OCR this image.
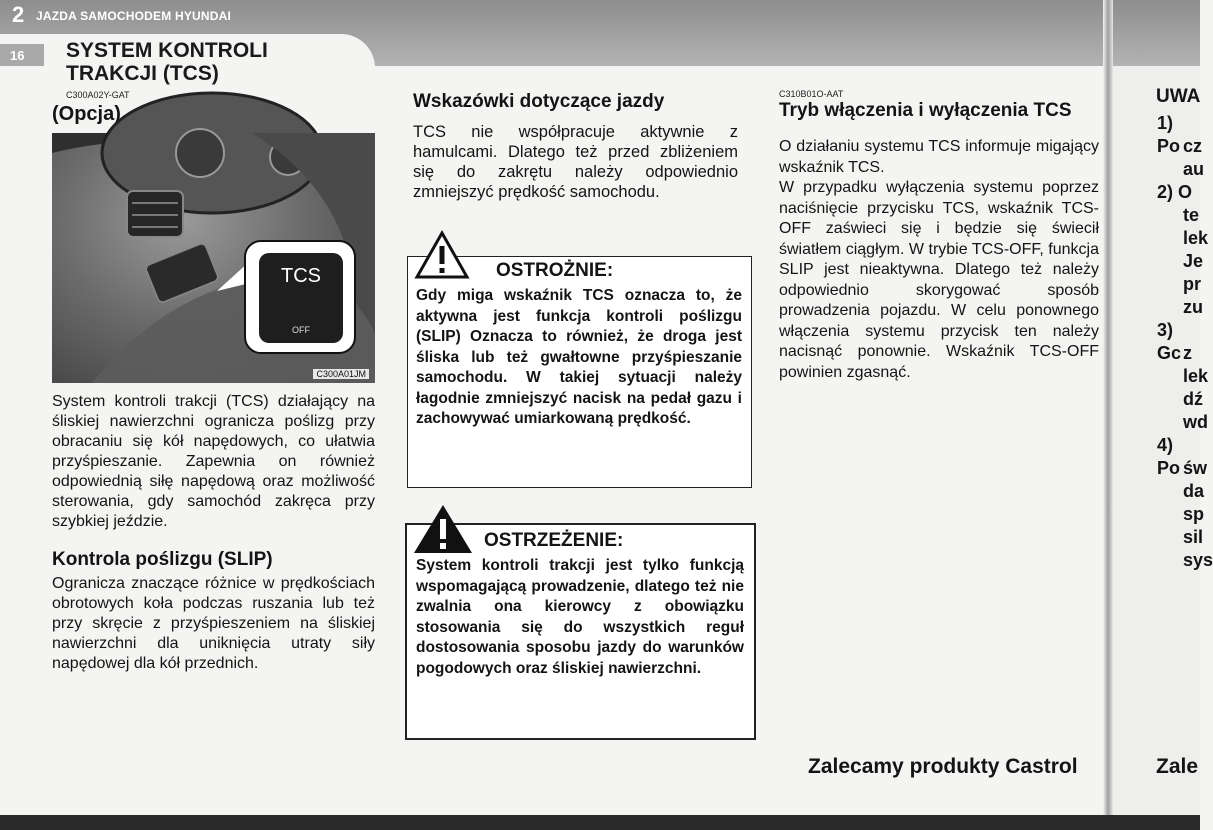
2 JAZDA SAMOCHODEM HYUNDAI
16 SYSTEM KONTROLI
TRAKCJI (TCS)
C300A02Y-GAT
(Opcja)
TCS
OFF
C300A01JM
System kontroli trakcji (TCS) działający na śliskiej nawierzchni ogranicza poślizg przy obracaniu się kół napędowych, co ułatwia przyśpieszanie. Zapewnia on również odpowiednią siłę napędową oraz możliwość sterowania, gdy samochód zakręca przy szybkiej jeździe.
Kontrola poślizgu (SLIP)
Ogranicza znaczące różnice w prędkościach obrotowych koła podczas ruszania lub też przy skręcie z przyśpieszeniem na śliskiej nawierzchni dla uniknięcia utraty siły napędowej dla kół przednich.
Wskazówki dotyczące jazdy
TCS nie współpracuje aktywnie z hamulcami. Dlatego też przed zbliżeniem się do zakrętu należy odpowiednio zmniejszyć prędkość samochodu.
OSTROŻNIE:
Gdy miga wskaźnik TCS oznacza to, że aktywna jest funkcja kontroli poślizgu (SLIP) Oznacza to również, że droga jest śliska lub też gwałtowne przyśpieszanie samochodu. W takiej sytuacji należy łagodnie zmniejszyć nacisk na pedał gazu i zachowywać umiarkowaną prędkość.
OSTRZEŻENIE:
System kontroli trakcji jest tylko funkcją wspomagającą prowadzenie, dlatego też nie zwalnia ona kierowcy z obowiązku stosowania się do wszystkich reguł dostosowania sposobu jazdy do warunków pogodowych oraz śliskiej nawierzchni.
C310B01O-AAT
Tryb włączenia i wyłączenia TCS
O działaniu systemu TCS informuje migający wskaźnik TCS.
W przypadku wyłączenia systemu poprzez naciśnięcie przycisku TCS, wskaźnik TCS-OFF zaświeci się i będzie się świecił światłem ciągłym. W trybie TCS-OFF, funkcja SLIP jest nieaktywna. Dlatego też należy odpowiednio skorygować sposób prowadzenia pojazdu. W celu ponownego włączenia systemu przycisk ten należy nacisnąć ponownie. Wskaźnik TCS-OFF powinien zgasnąć.
Zalecamy produkty Castrol
UWA
1) Po cz
au
2) O
te
lek
Je
pr
zu
3) Gc z
lek
dź
wd
4) Po św
da
sp
sil
sys
Zale
